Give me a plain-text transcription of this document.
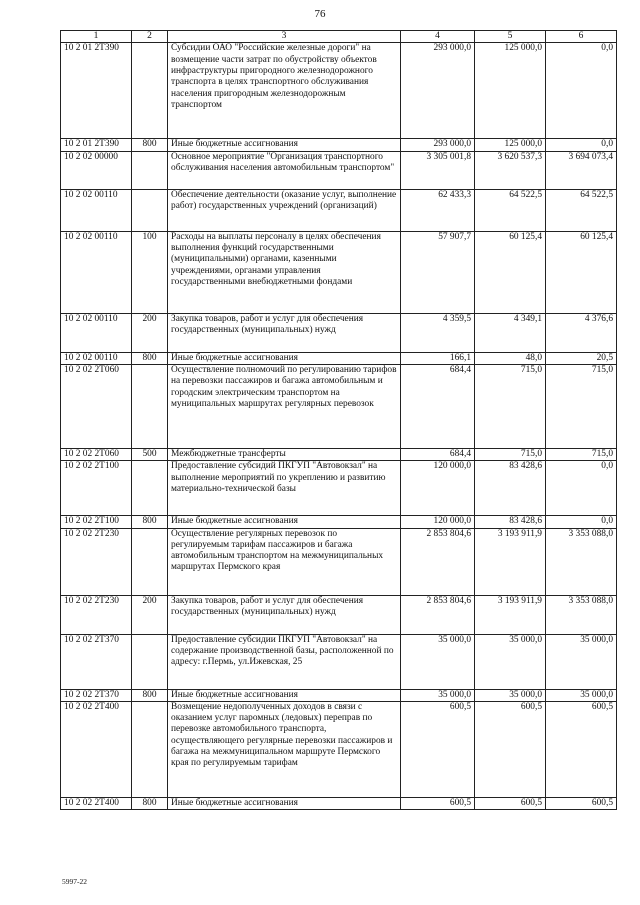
76
1	2	3	4	5	6
10 2 01 2Т390		Субсидии ОАО "Российские железные дороги" на возмещение части затрат по обустройству объектов инфраструктуры пригородного железнодорожного транспорта в целях транспортного обслуживания населения пригородным железнодорожным транспортом	293 000,0	125 000,0	0,0
10 2 01 2Т390	800	Иные бюджетные ассигнования	293 000,0	125 000,0	0,0
10 2 02 00000		Основное мероприятие "Организация транспортного обслуживания населения автомобильным транспортом"	3 305 001,8	3 620 537,3	3 694 073,4
10 2 02 00110		Обеспечение деятельности (оказание услуг, выполнение работ) государственных учреждений (организаций)	62 433,3	64 522,5	64 522,5
10 2 02 00110	100	Расходы на выплаты персоналу в целях обеспечения выполнения функций государственными (муниципальными) органами, казенными учреждениями, органами управления государственными внебюджетными фондами	57 907,7	60 125,4	60 125,4
10 2 02 00110	200	Закупка товаров, работ и услуг для обеспечения государственных (муниципальных) нужд	4 359,5	4 349,1	4 376,6
10 2 02 00110	800	Иные бюджетные ассигнования	166,1	48,0	20,5
10 2 02 2Т060		Осуществление полномочий по регулированию тарифов на перевозки пассажиров и багажа автомобильным и городским электрическим транспортом на муниципальных маршрутах регулярных перевозок	684,4	715,0	715,0
10 2 02 2Т060	500	Межбюджетные трансферты	684,4	715,0	715,0
10 2 02 2Т100		Предоставление субсидий ПКГУП "Автовокзал" на выполнение мероприятий по укреплению и развитию материально-технической базы	120 000,0	83 428,6	0,0
10 2 02 2Т100	800	Иные бюджетные ассигнования	120 000,0	83 428,6	0,0
10 2 02 2Т230		Осуществление регулярных перевозок по регулируемым тарифам пассажиров и багажа автомобильным транспортом на межмуниципальных маршрутах Пермского края	2 853 804,6	3 193 911,9	3 353 088,0
10 2 02 2Т230	200	Закупка товаров, работ и услуг для обеспечения государственных (муниципальных) нужд	2 853 804,6	3 193 911,9	3 353 088,0
10 2 02 2Т370		Предоставление субсидии ПКГУП "Автовокзал" на содержание производственной базы, расположенной по адресу: г.Пермь, ул.Ижевская, 25	35 000,0	35 000,0	35 000,0
10 2 02 2Т370	800	Иные бюджетные ассигнования	35 000,0	35 000,0	35 000,0
10 2 02 2Т400		Возмещение недополученных доходов в связи с оказанием услуг паромных (ледовых) переправ по перевозке автомобильного транспорта, осуществляющего регулярные перевозки пассажиров и багажа на межмуниципальном маршруте Пермского края по регулируемым тарифам	600,5	600,5	600,5
10 2 02 2Т400	800	Иные бюджетные ассигнования	600,5	600,5	600,5
5997-22
